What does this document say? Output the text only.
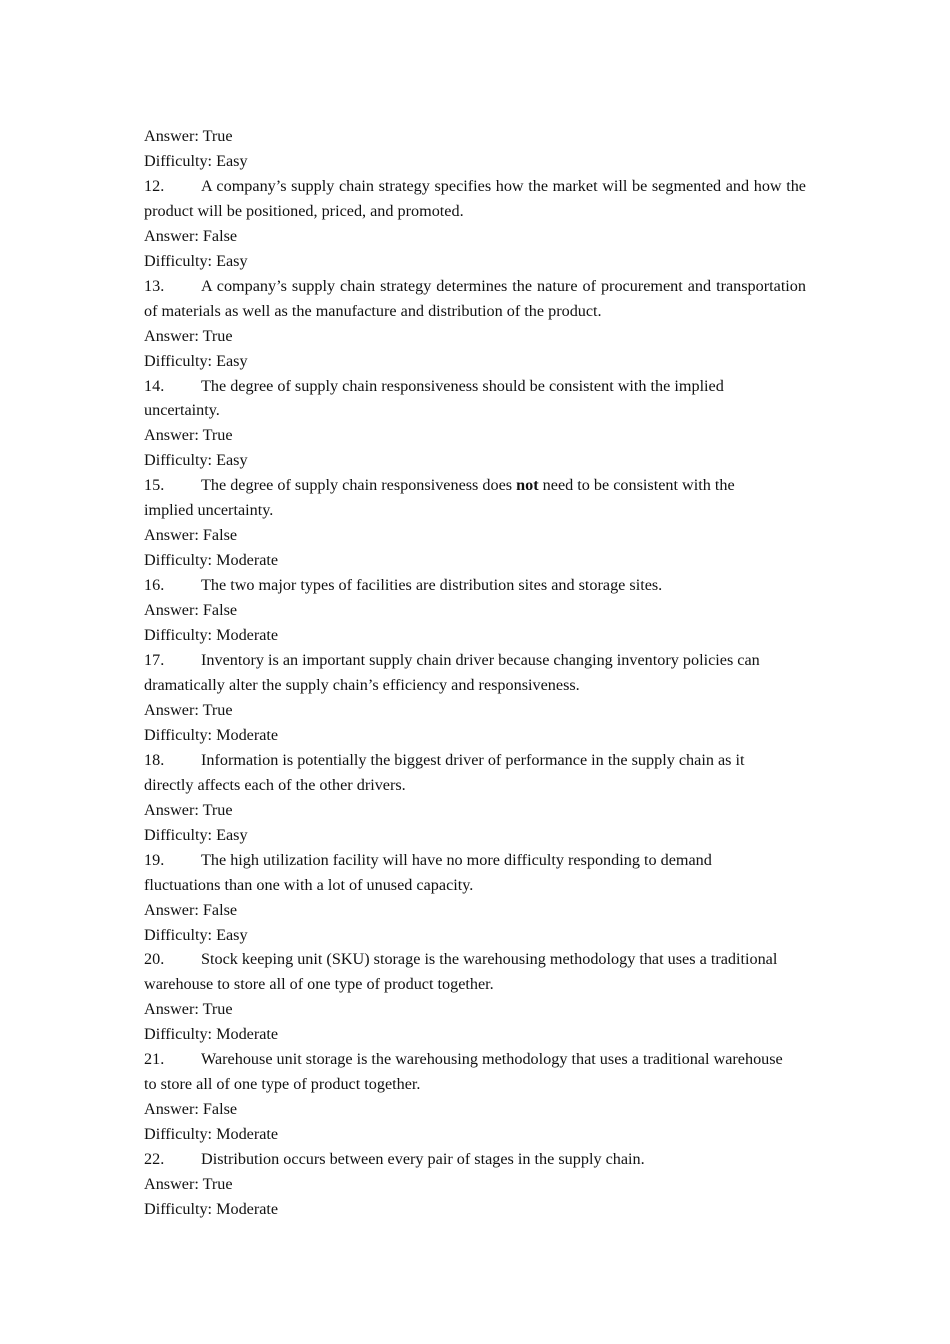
Answer: True

Difficulty: Easy

12. A company’s supply chain strategy specifies how the market will be segmented and how the product will be positioned, priced, and promoted.

Answer: False

Difficulty: Easy

13. A company’s supply chain strategy determines the nature of procurement and transportation of materials as well as the manufacture and distribution of the product.

Answer: True

Difficulty: Easy

14. The degree of supply chain responsiveness should be consistent with the implied

uncertainty.

Answer: True

Difficulty: Easy

15. The degree of supply chain responsiveness does not need to be consistent with the

implied uncertainty.

Answer: False

Difficulty: Moderate

16. The two major types of facilities are distribution sites and storage sites.

Answer: False

Difficulty: Moderate

17. Inventory is an important supply chain driver because changing inventory policies can

dramatically alter the supply chain’s efficiency and responsiveness.

Answer: True

Difficulty: Moderate

18. Information is potentially the biggest driver of performance in the supply chain as it

directly affects each of the other drivers.

Answer: True

Difficulty: Easy

19. The high utilization facility will have no more difficulty responding to demand

fluctuations than one with a lot of unused capacity.

Answer: False

Difficulty: Easy

20. Stock keeping unit (SKU) storage is the warehousing methodology that uses a traditional

warehouse to store all of one type of product together.

Answer: True

Difficulty: Moderate

21. Warehouse unit storage is the warehousing methodology that uses a traditional warehouse

to store all of one type of product together.

Answer: False

Difficulty: Moderate

22. Distribution occurs between every pair of stages in the supply chain.

Answer: True

Difficulty: Moderate
